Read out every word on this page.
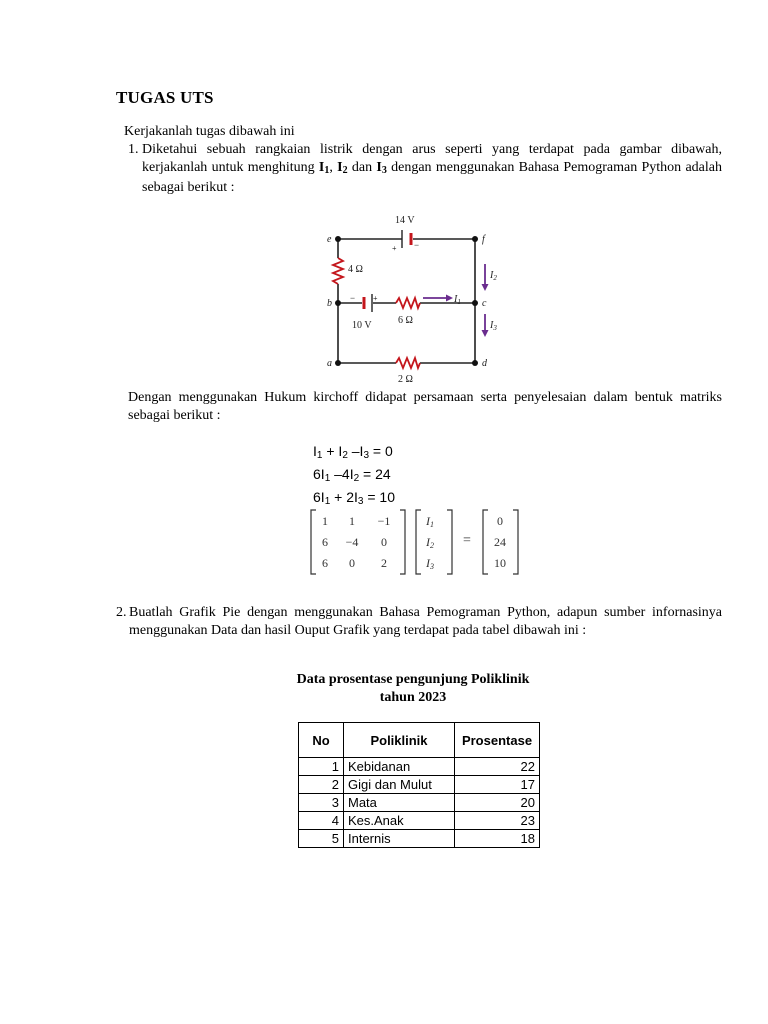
TUGAS UTS
Kerjakanlah tugas dibawah ini
1. Diketahui sebuah rangkaian listrik dengan arus seperti yang terdapat pada gambar dibawah, kerjakanlah untuk menghitung $I_1$, $I_2$ dan $I_3$ dengan menggunakan Bahasa Pemograman Python adalah sebagai berikut :
+ −
− +
e	f
b	c
a	d
14 V
10 V
4 Ω
6 Ω
2 Ω
$I_1$
$I_2$
$I_3$
Dengan menggunakan Hukum kirchoff didapat persamaan serta penyelesaian dalam bentuk matriks sebagai berikut :
$I_1 + I_2$ $-I_3 = 0$
$6I_1$ $-4I_2 = 24$
$6I_1 + 2I_3 = 10$
1 1 −1
6 −4 0
6 0 2
=
0
24
10
I1
I2
I3
2. Buatlah Grafik Pie dengan menggunakan Bahasa Pemograman Python, adapun sumber infornasinya menggunakan Data dan hasil Ouput Grafik yang terdapat pada tabel dibawah ini :
Data prosentase pengunjung Poliklinik
tahun 2023
No	Poliklinik	Prosentase
1	Kebidanan	22
2	Gigi dan Mulut	17
3	Mata	20
4	Kes.Anak	23
5	Internis	18
